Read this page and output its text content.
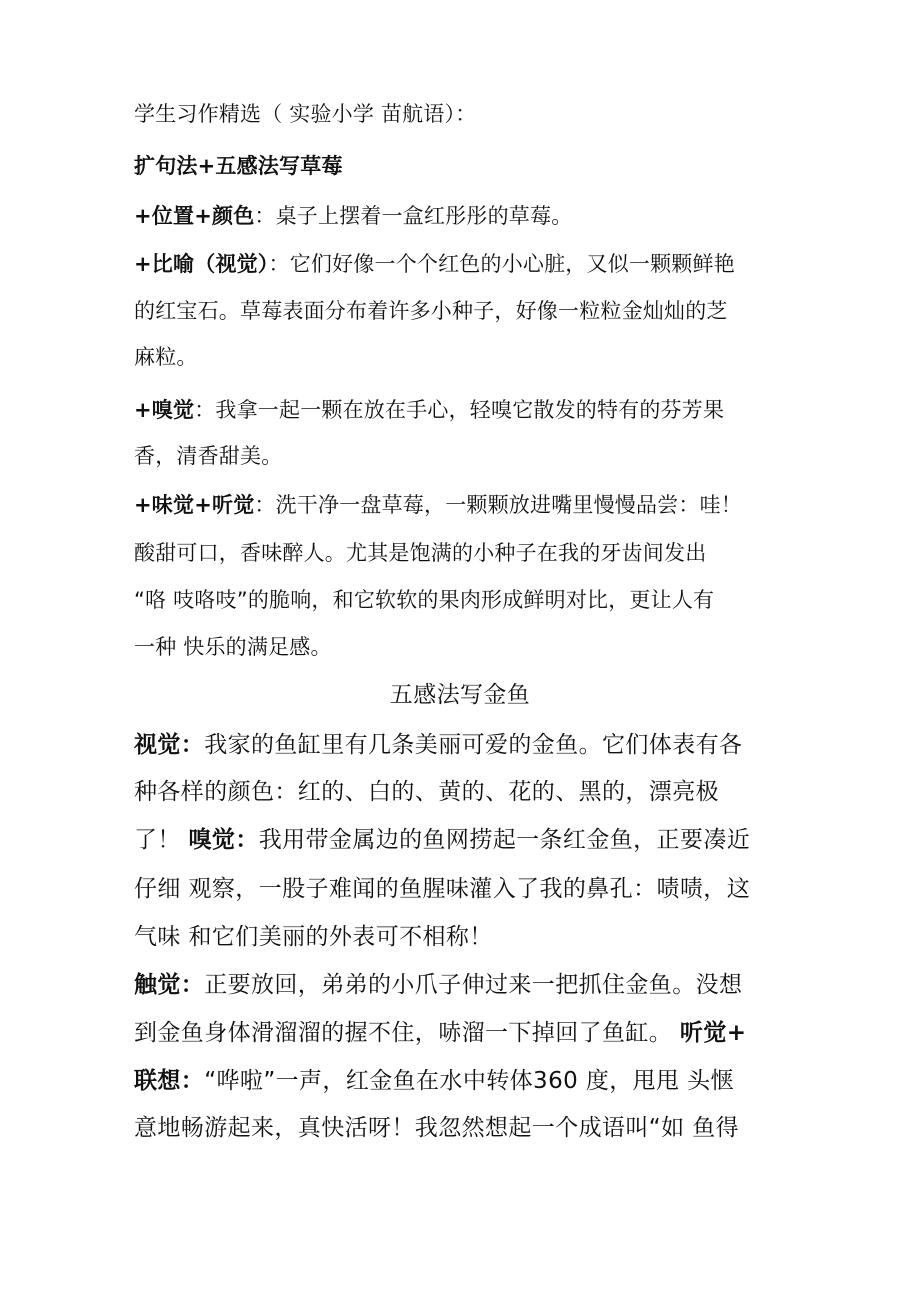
学生习作精选（ 实验小学 苗航语）：
扩句法+五感法写草莓
+位置+颜色：桌子上摆着一盒红彤彤的草莓。
+比喻（视觉）：它们好像一个个红色的小心脏，又似一颗颗鲜艳
的红宝石。草莓表面分布着许多小种子，好像一粒粒金灿灿的芝
麻粒。
+嗅觉：我拿一起一颗在放在手心，轻嗅它散发的特有的芬芳果
香，清香甜美。
+味觉+听觉：洗干净一盘草莓，一颗颗放进嘴里慢慢品尝：哇！
酸甜可口，香味醉人。尤其是饱满的小种子在我的牙齿间发出
“咯 吱咯吱”的脆响，和它软软的果肉形成鲜明对比，更让人有
一种 快乐的满足感。
五感法写金鱼
视觉：我家的鱼缸里有几条美丽可爱的金鱼。它们体表有各
种各样的颜色：红的、白的、黄的、花的、黑的，漂亮极
了！ 嗅觉：我用带金属边的鱼网捞起一条红金鱼，正要凑近
仔细 观察，一股子难闻的鱼腥味灌入了我的鼻孔：啧啧，这
气味 和它们美丽的外表可不相称！
触觉：正要放回，弟弟的小爪子伸过来一把抓住金鱼。没想
到金鱼身体滑溜溜的握不住，哧溜一下掉回了鱼缸。 听觉+
联想：“哗啦”一声，红金鱼在水中转体360 度，甩甩 头惬
意地畅游起来，真快活呀！我忽然想起一个成语叫“如 鱼得
